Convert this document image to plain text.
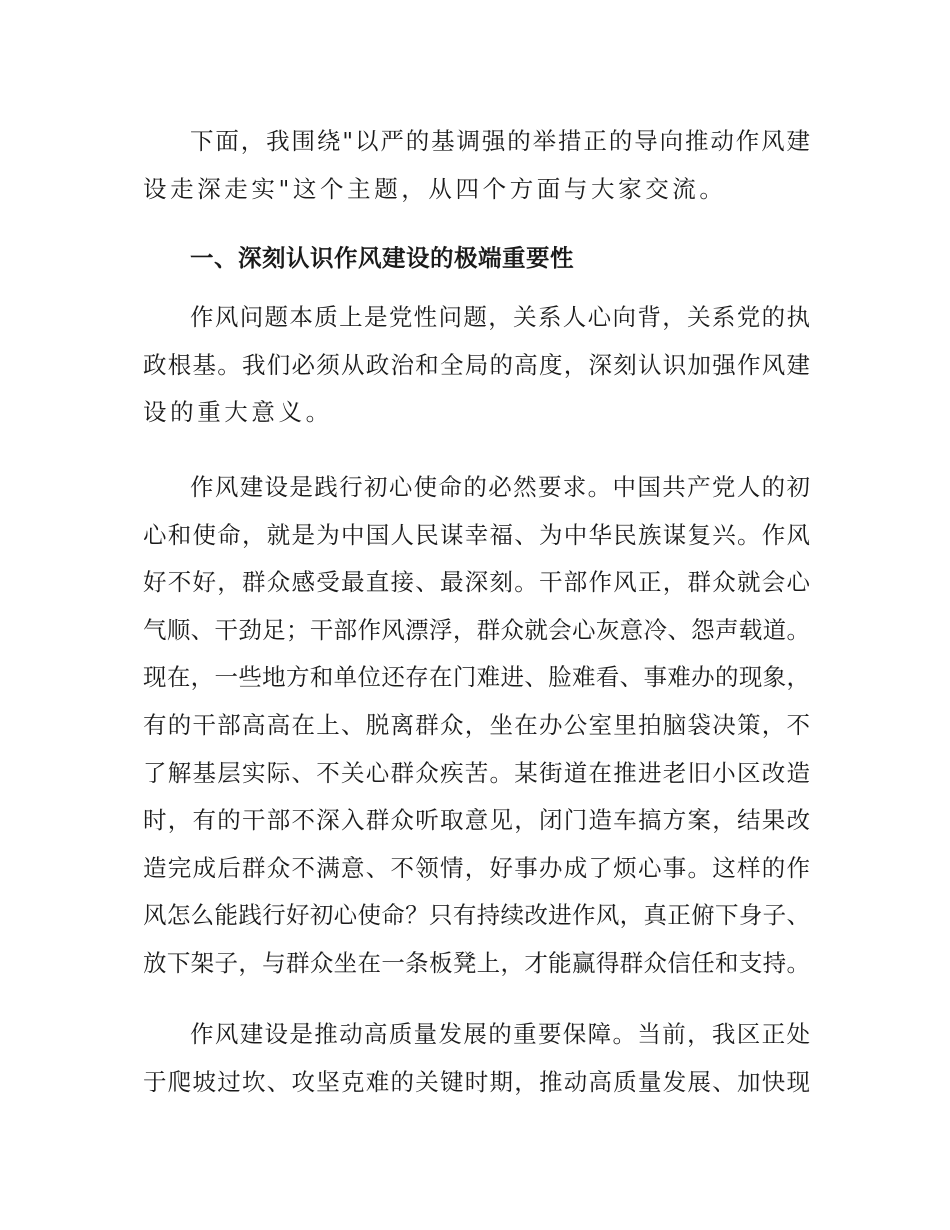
下面，我围绕"以严的基调强的举措正的导向推动作风建
设走深走实"这个主题，从四个方面与大家交流。
一、深刻认识作风建设的极端重要性
作风问题本质上是党性问题，关系人心向背，关系党的执
政根基。我们必须从政治和全局的高度，深刻认识加强作风建
设的重大意义。
作风建设是践行初心使命的必然要求。中国共产党人的初
心和使命，就是为中国人民谋幸福、为中华民族谋复兴。作风
好不好，群众感受最直接、最深刻。干部作风正，群众就会心
气顺、干劲足；干部作风漂浮，群众就会心灰意冷、怨声载道。
现在，一些地方和单位还存在门难进、脸难看、事难办的现象，
有的干部高高在上、脱离群众，坐在办公室里拍脑袋决策，不
了解基层实际、不关心群众疾苦。某街道在推进老旧小区改造
时，有的干部不深入群众听取意见，闭门造车搞方案，结果改
造完成后群众不满意、不领情，好事办成了烦心事。这样的作
风怎么能践行好初心使命？只有持续改进作风，真正俯下身子、
放下架子，与群众坐在一条板凳上，才能赢得群众信任和支持。
作风建设是推动高质量发展的重要保障。当前，我区正处
于爬坡过坎、攻坚克难的关键时期，推动高质量发展、加快现
